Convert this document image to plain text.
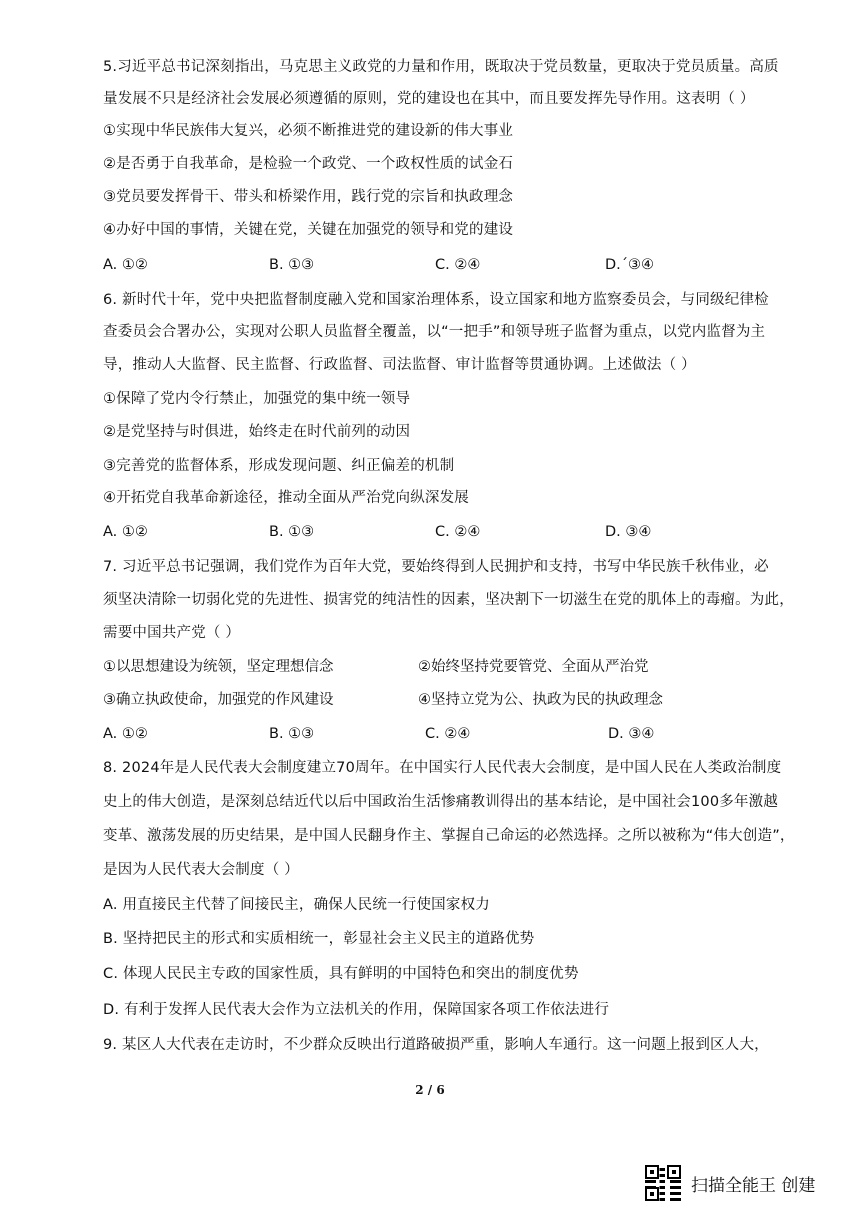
5.习近平总书记深刻指出，马克思主义政党的力量和作用，既取决于党员数量，更取决于党员质量。高质
量发展不只是经济社会发展必须遵循的原则，党的建设也在其中，而且要发挥先导作用。这表明（ ）
①实现中华民族伟大复兴，必须不断推进党的建设新的伟大事业
②是否勇于自我革命，是检验一个政党、一个政权性质的试金石
③党员要发挥骨干、带头和桥梁作用，践行党的宗旨和执政理念
④办好中国的事情，关键在党，关键在加强党的领导和党的建设
A. ①②	B. ①③	C. ②④	D.´③④
6. 新时代十年，党中央把监督制度融入党和国家治理体系，设立国家和地方监察委员会，与同级纪律检
查委员会合署办公，实现对公职人员监督全覆盖，以“一把手”和领导班子监督为重点，以党内监督为主
导，推动人大监督、民主监督、行政监督、司法监督、审计监督等贯通协调。上述做法（ ）
①保障了党内令行禁止，加强党的集中统一领导
②是党坚持与时俱进，始终走在时代前列的动因
③完善党的监督体系，形成发现问题、纠正偏差的机制
④开拓党自我革命新途径，推动全面从严治党向纵深发展
A. ①②	B. ①③	C. ②④	D. ③④
7. 习近平总书记强调，我们党作为百年大党，要始终得到人民拥护和支持，书写中华民族千秋伟业，必
须坚决清除一切弱化党的先进性、损害党的纯洁性的因素，坚决割下一切滋生在党的肌体上的毒瘤。为此，
需要中国共产党（ ）
①以思想建设为统领，坚定理想信念	②始终坚持党要管党、全面从严治党
③确立执政使命，加强党的作风建设	④坚持立党为公、执政为民的执政理念
A. ①②	B. ①③	C. ②④	D. ③④
8. 2024年是人民代表大会制度建立70周年。在中国实行人民代表大会制度，是中国人民在人类政治制度
史上的伟大创造，是深刻总结近代以后中国政治生活惨痛教训得出的基本结论，是中国社会100多年激越
变革、激荡发展的历史结果，是中国人民翻身作主、掌握自己命运的必然选择。之所以被称为“伟大创造”，
是因为人民代表大会制度（ ）
A. 用直接民主代替了间接民主，确保人民统一行使国家权力
B. 坚持把民主的形式和实质相统一，彰显社会主义民主的道路优势
C. 体现人民民主专政的国家性质，具有鲜明的中国特色和突出的制度优势
D. 有利于发挥人民代表大会作为立法机关的作用，保障国家各项工作依法进行
9. 某区人大代表在走访时，不少群众反映出行道路破损严重，影响人车通行。这一问题上报到区人大，
2 / 6
扫描全能王 创建
